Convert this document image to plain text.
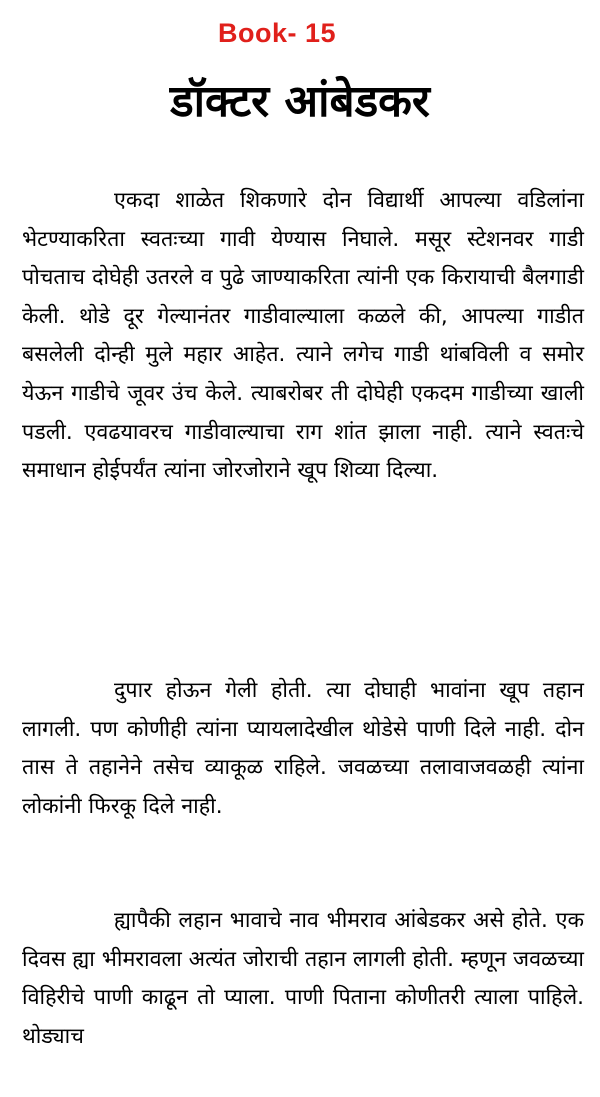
Book- 15
डॉक्टर आंबेडकर

एकदा शाळेत शिकणारे दोन विद्यार्थी आपल्या वडिलांना भेटण्याकरिता स्वतःच्या गावी येण्यास निघाले. मसूर स्टेशनवर गाडी पोचताच दोघेही उतरले व पुढे जाण्याकरिता त्यांनी एक किरायाची बैलगाडी केली. थोडे दूर गेल्यानंतर गाडीवाल्याला कळले की, आपल्या गाडीत बसलेली दोन्ही मुले महार आहेत. त्याने लगेच गाडी थांबविली व समोर येऊन गाडीचे जूवर उंच केले. त्याबरोबर ती दोघेही एकदम गाडीच्या खाली पडली. एवढयावरच गाडीवाल्याचा राग शांत झाला नाही. त्याने स्वतःचे समाधान होईपर्यंत त्यांना जोरजोराने खूप शिव्या दिल्या.

दुपार होऊन गेली होती. त्या दोघाही भावांना खूप तहान लागली. पण कोणीही त्यांना प्यायलादेखील थोडेसे पाणी दिले नाही. दोन तास ते तहानेने तसेच व्याकूळ राहिले. जवळच्या तलावाजवळही त्यांना लोकांनी फिरकू दिले नाही.

ह्यापैकी लहान भावाचे नाव भीमराव आंबेडकर असे होते. एक दिवस ह्या भीमरावला अत्यंत जोराची तहान लागली होती. म्हणून जवळच्या विहिरीचे पाणी काढून तो प्याला. पाणी पिताना कोणीतरी त्याला पाहिले. थोड्याच
